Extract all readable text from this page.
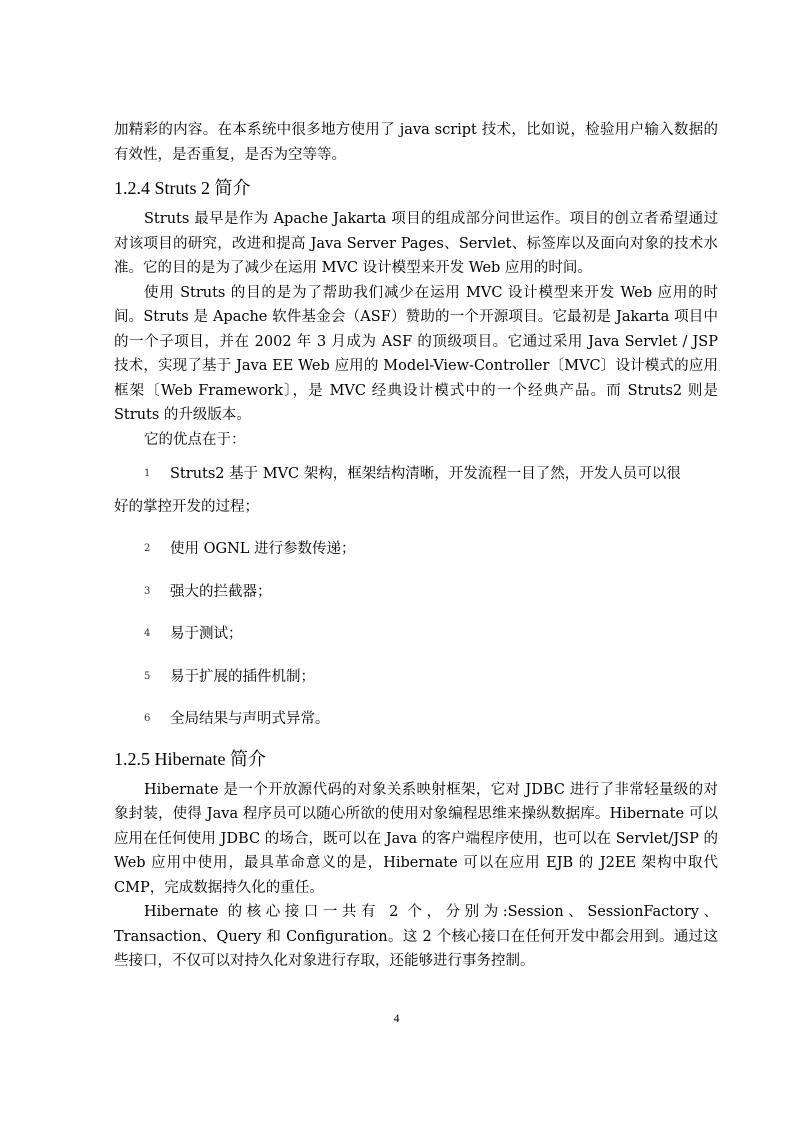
加精彩的内容。在本系统中很多地方使用了 java script 技术，比如说，检验用户输入数据的有效性，是否重复，是否为空等等。

1.2.4 Struts 2 简介

Struts 最早是作为 Apache Jakarta 项目的组成部分问世运作。项目的创立者希望通过对该项目的研究，改进和提高 Java Server Pages、Servlet、标签库以及面向对象的技术水准。它的目的是为了减少在运用 MVC 设计模型来开发 Web 应用的时间。

使用 Struts 的目的是为了帮助我们减少在运用 MVC 设计模型来开发 Web 应用的时间。Struts 是 Apache 软件基金会（ASF）赞助的一个开源项目。它最初是 Jakarta 项目中的一个子项目，并在 2002 年 3 月成为 ASF 的顶级项目。它通过采用 Java Servlet / JSP 技术，实现了基于 Java EE Web 应用的 Model-View-Controller〔MVC〕设计模式的应用框架〔Web Framework〕，是 MVC 经典设计模式中的一个经典产品。而 Struts2 则是 Struts 的升级版本。

它的优点在于：

1 Struts2 基于 MVC 架构，框架结构清晰，开发流程一目了然，开发人员可以很

好的掌控开发的过程；

2 使用 OGNL 进行参数传递；
3 强大的拦截器；
4 易于测试；
5 易于扩展的插件机制；
6 全局结果与声明式异常。
1.2.5 Hibernate 简介

Hibernate 是一个开放源代码的对象关系映射框架，它对 JDBC 进行了非常轻量级的对象封装，使得 Java 程序员可以随心所欲的使用对象编程思维来操纵数据库。Hibernate 可以应用在任何使用 JDBC 的场合，既可以在 Java 的客户端程序使用，也可以在 Servlet/JSP 的 Web 应用中使用，最具革命意义的是，Hibernate 可以在应用 EJB 的 J2EE 架构中取代 CMP，完成数据持久化的重任。

Hibernate 的核心接口一共有 2 个，分别为:Session、SessionFactory、Transaction、Query 和 Configuration。这 2 个核心接口在任何开发中都会用到。通过这些接口，不仅可以对持久化对象进行存取，还能够进行事务控制。

4
